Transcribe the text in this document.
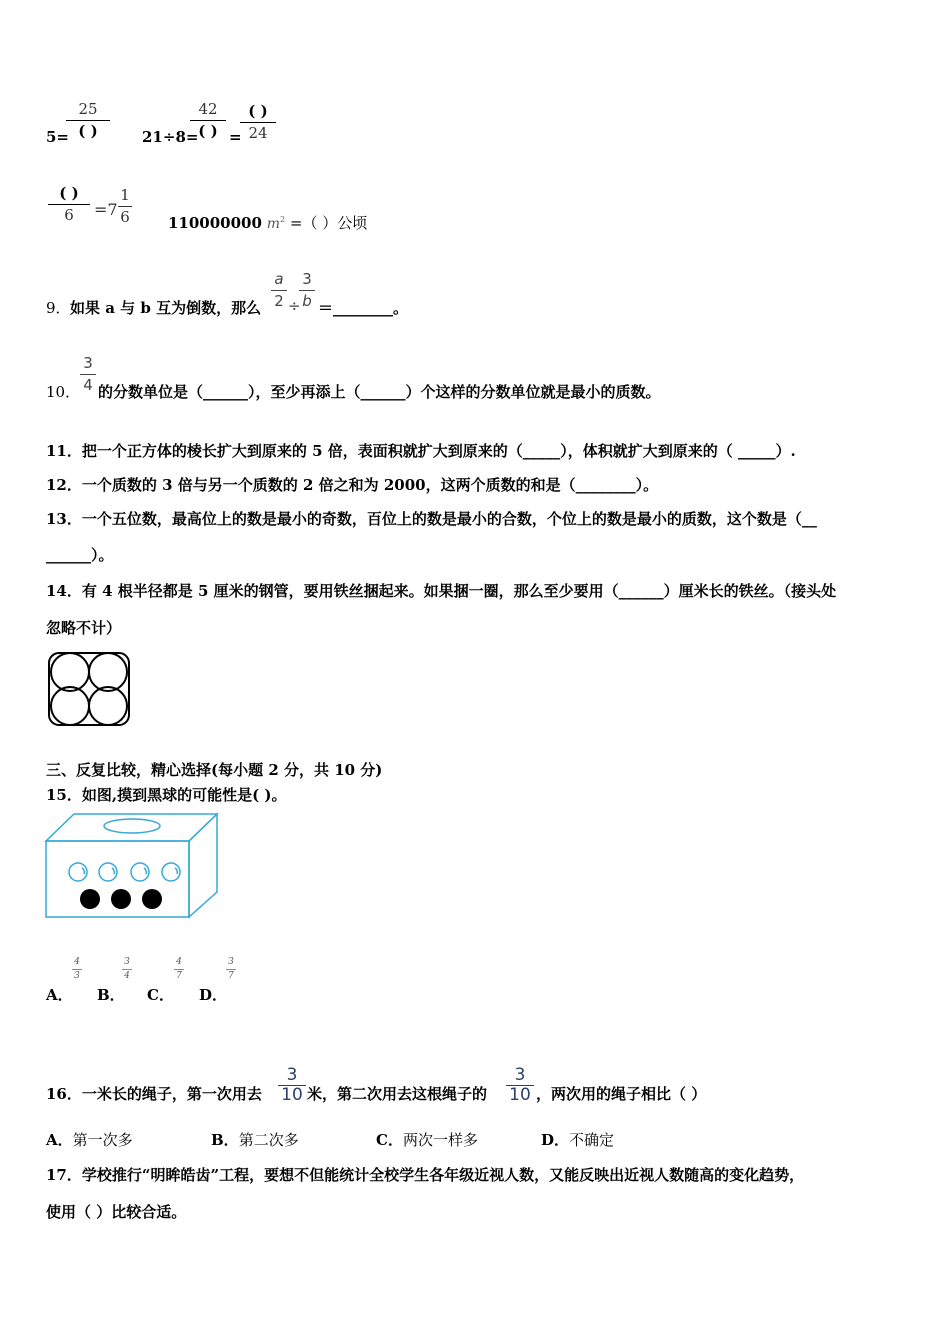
5=
25
( )	21÷8=
42
( ) =
( )
24
( )
6	=7
1
6	110000000 $m^2$ =（ ）公顷
9． 如果 a 与 b 互为倒数，那么
a
2 ÷
3
b ＝________。
10．
3
4 的分数单位是（______），至少再添上（______）个这样的分数单位就是最小的质数。
11．把一个正方体的棱长扩大到原来的 5 倍，表面积就扩大到原来的（_____），体积就扩大到原来的（ _____）.
12．一个质数的 3 倍与另一个质数的 2 倍之和为 2000，这两个质数的和是（________）。
13．一个五位数，最高位上的数是最小的奇数，百位上的数是最小的合数，个位上的数是最小的质数，这个数是（__
______）。
14．有 4 根半径都是 5 厘米的钢管，要用铁丝捆起来。如果捆一圈，那么至少要用（______）厘米长的铁丝。（接头处
忽略不计）
三、反复比较，精心选择(每小题 2 分，共 10 分)
15．如图,摸到黑球的可能性是( )。
A．
4
3
B．
3
4
C．
4
7
D．
3
7
16．一米长的绳子，第一次用去
3
10 米，第二次用去这根绳子的
3
10 ，两次用的绳子相比（ ）
A．第一次多	B．第二次多	C．两次一样多	D．不确定
17．学校推行“明眸皓齿”工程，要想不但能统计全校学生各年级近视人数，又能反映出近视人数随高的变化趋势，
使用（ ）比较合适。
